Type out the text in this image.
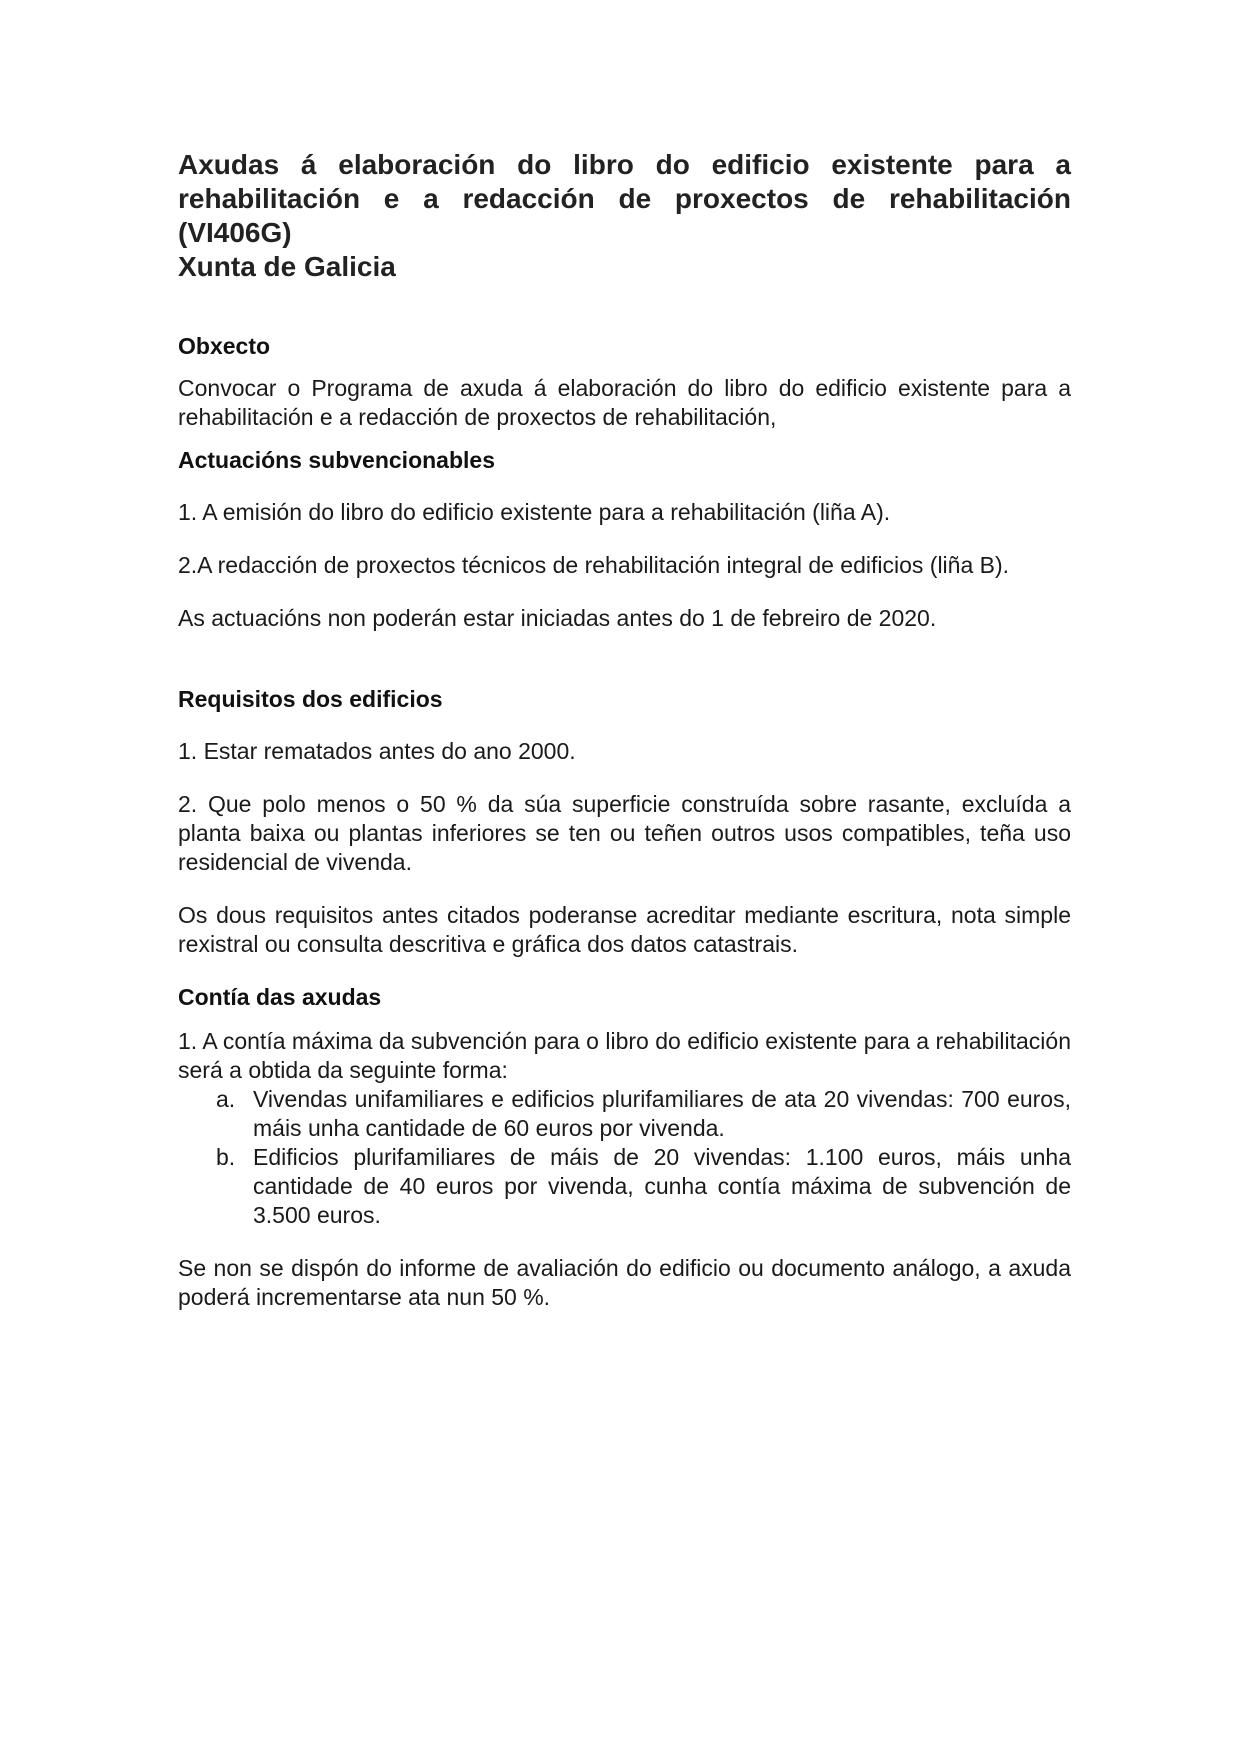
Axudas á elaboración do libro do edificio existente para a rehabilitación e a redacción de proxectos de rehabilitación (VI406G)

Xunta de Galicia

Obxecto

Convocar o Programa de axuda á elaboración do libro do edificio existente para a rehabilitación e a redacción de proxectos de rehabilitación,

Actuacións subvencionables

1. A emisión do libro do edificio existente para a rehabilitación (liña A).

2.A redacción de proxectos técnicos de rehabilitación integral de edificios (liña B).

As actuacións non poderán estar iniciadas antes do 1 de febreiro de 2020.

Requisitos dos edificios

1. Estar rematados antes do ano 2000.

2. Que polo menos o 50 % da súa superficie construída sobre rasante, excluída a planta baixa ou plantas inferiores se ten ou teñen outros usos compatibles, teña uso residencial de vivenda.

Os dous requisitos antes citados poderanse acreditar mediante escritura, nota simple rexistral ou consulta descritiva e gráfica dos datos catastrais.

Contía das axudas

1. A contía máxima da subvención para o libro do edificio existente para a rehabilitación será a obtida da seguinte forma:

a. Vivendas unifamiliares e edificios plurifamiliares de ata 20 vivendas: 700 euros, máis unha cantidade de 60 euros por vivenda.
b. Edificios plurifamiliares de máis de 20 vivendas: 1.100 euros, máis unha cantidade de 40 euros por vivenda, cunha contía máxima de subvención de 3.500 euros.

Se non se dispón do informe de avaliación do edificio ou documento análogo, a axuda poderá incrementarse ata nun 50 %.
